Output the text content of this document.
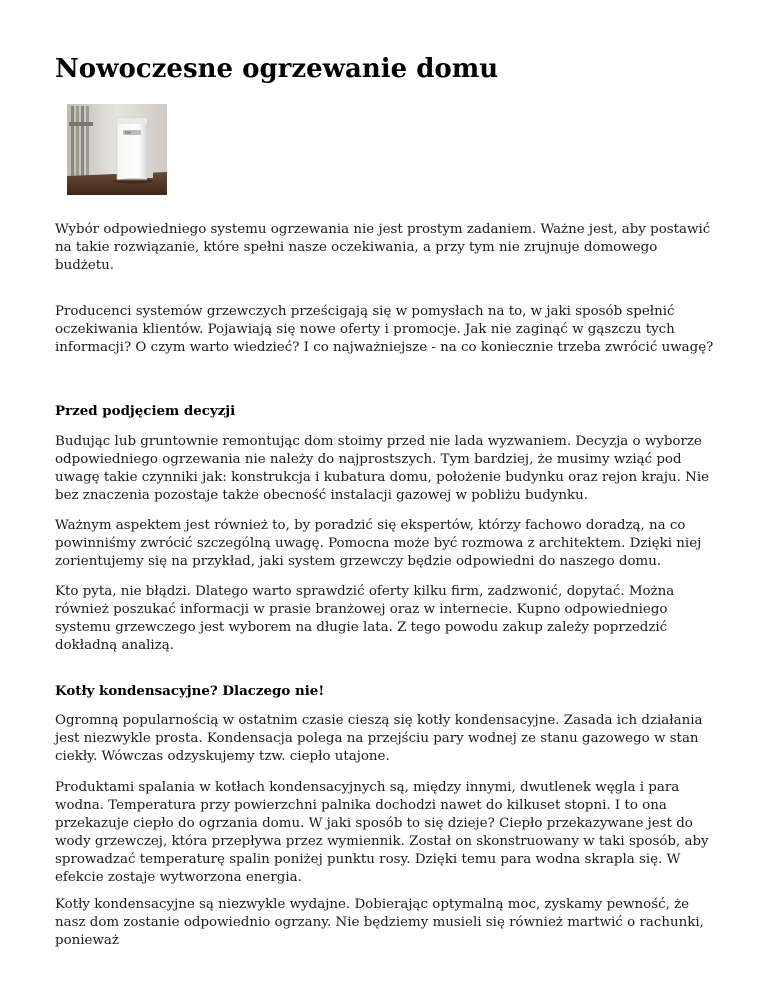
Nowoczesne ogrzewanie domu

Wybór odpowiedniego systemu ogrzewania nie jest prostym zadaniem. Ważne jest, aby postawić na takie rozwiązanie, które spełni nasze oczekiwania, a przy tym nie zrujnuje domowego budżetu.

Producenci systemów grzewczych prześcigają się w pomysłach na to, w jaki sposób spełnić oczekiwania klientów. Pojawiają się nowe oferty i promocje. Jak nie zaginąć w gąszczu tych informacji? O czym warto wiedzieć? I co najważniejsze - na co koniecznie trzeba zwrócić uwagę?

Przed podjęciem decyzji

Budując lub gruntownie remontując dom stoimy przed nie lada wyzwaniem. Decyzja o wyborze odpowiedniego ogrzewania nie należy do najprostszych. Tym bardziej, że musimy wziąć pod uwagę takie czynniki jak: konstrukcja i kubatura domu, położenie budynku oraz rejon kraju. Nie bez znaczenia pozostaje także obecność instalacji gazowej w pobliżu budynku.

Ważnym aspektem jest również to, by poradzić się ekspertów, którzy fachowo doradzą, na co powinniśmy zwrócić szczególną uwagę. Pomocna może być rozmowa z architektem. Dzięki niej zorientujemy się na przykład, jaki system grzewczy będzie odpowiedni do naszego domu.

Kto pyta, nie błądzi. Dlatego warto sprawdzić oferty kilku firm, zadzwonić, dopytać. Można również poszukać informacji w prasie branżowej oraz w internecie. Kupno odpowiedniego systemu grzewczego jest wyborem na długie lata. Z tego powodu zakup zależy poprzedzić dokładną analizą.

Kotły kondensacyjne? Dlaczego nie!

Ogromną popularnością w ostatnim czasie cieszą się kotły kondensacyjne. Zasada ich działania jest niezwykle prosta. Kondensacja polega na przejściu pary wodnej ze stanu gazowego w stan ciekły. Wówczas odzyskujemy tzw. ciepło utajone.

Produktami spalania w kotłach kondensacyjnych są, między innymi, dwutlenek węgla i para wodna. Temperatura przy powierzchni palnika dochodzi nawet do kilkuset stopni. I to ona przekazuje ciepło do ogrzania domu. W jaki sposób to się dzieje? Ciepło przekazywane jest do wody grzewczej, która przepływa przez wymiennik. Został on skonstruowany w taki sposób, aby sprowadzać temperaturę spalin poniżej punktu rosy. Dzięki temu para wodna skrapla się. W efekcie zostaje wytworzona energia.

Kotły kondensacyjne są niezwykle wydajne. Dobierając optymalną moc, zyskamy pewność, że nasz dom zostanie odpowiednio ogrzany. Nie będziemy musieli się również martwić o rachunki, ponieważ
